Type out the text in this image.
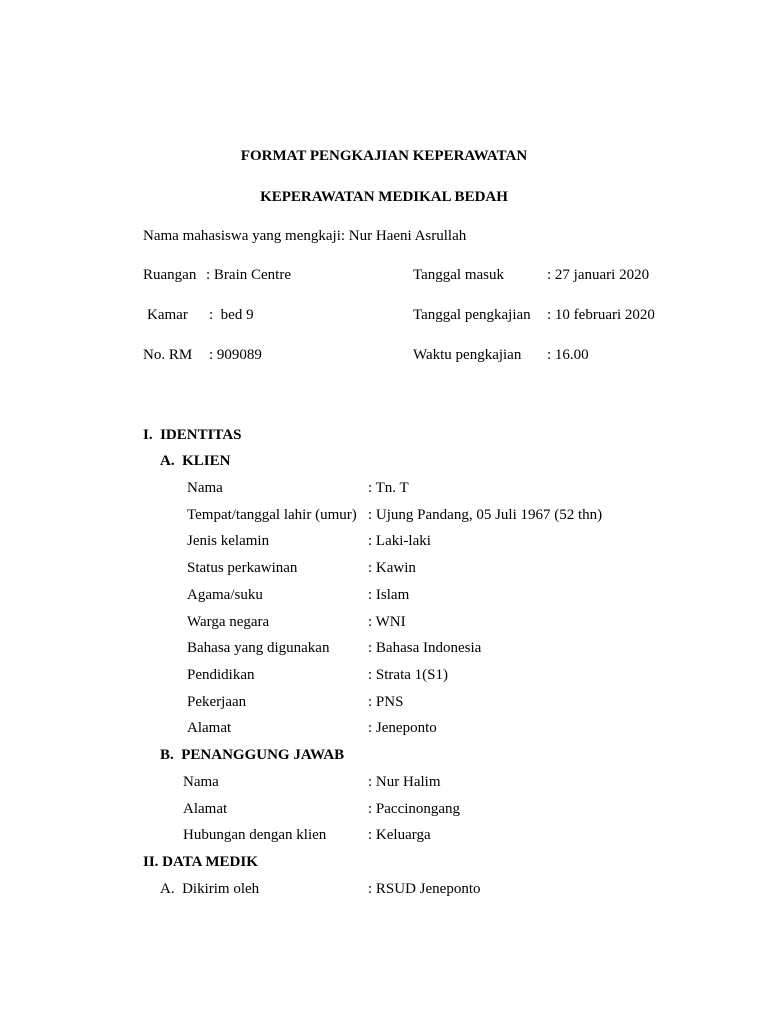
FORMAT PENGKAJIAN KEPERAWATAN
KEPERAWATAN MEDIKAL BEDAH
Nama mahasiswa yang mengkaji: Nur Haeni Asrullah
Ruangan : Brain Centre	Tanggal masuk	: 27 januari 2020
Kamar :  bed 9	Tanggal pengkajian : 10 februari 2020
No. RM : 909089	Waktu pengkajian : 16.00
I.  IDENTITAS
A.  KLIEN
Nama	: Tn. T
Tempat/tanggal lahir (umur) : Ujung Pandang, 05 Juli 1967 (52 thn)
Jenis kelamin	: Laki-laki
Status perkawinan	: Kawin
Agama/suku	: Islam
Warga negara	: WNI
Bahasa yang digunakan	: Bahasa Indonesia
Pendidikan	: Strata 1(S1)
Pekerjaan	: PNS
Alamat	: Jeneponto
B.  PENANGGUNG JAWAB
Nama	: Nur Halim
Alamat	: Paccinongang
Hubungan dengan klien	: Keluarga
II. DATA MEDIK
A.  Dikirim oleh	: RSUD Jeneponto
